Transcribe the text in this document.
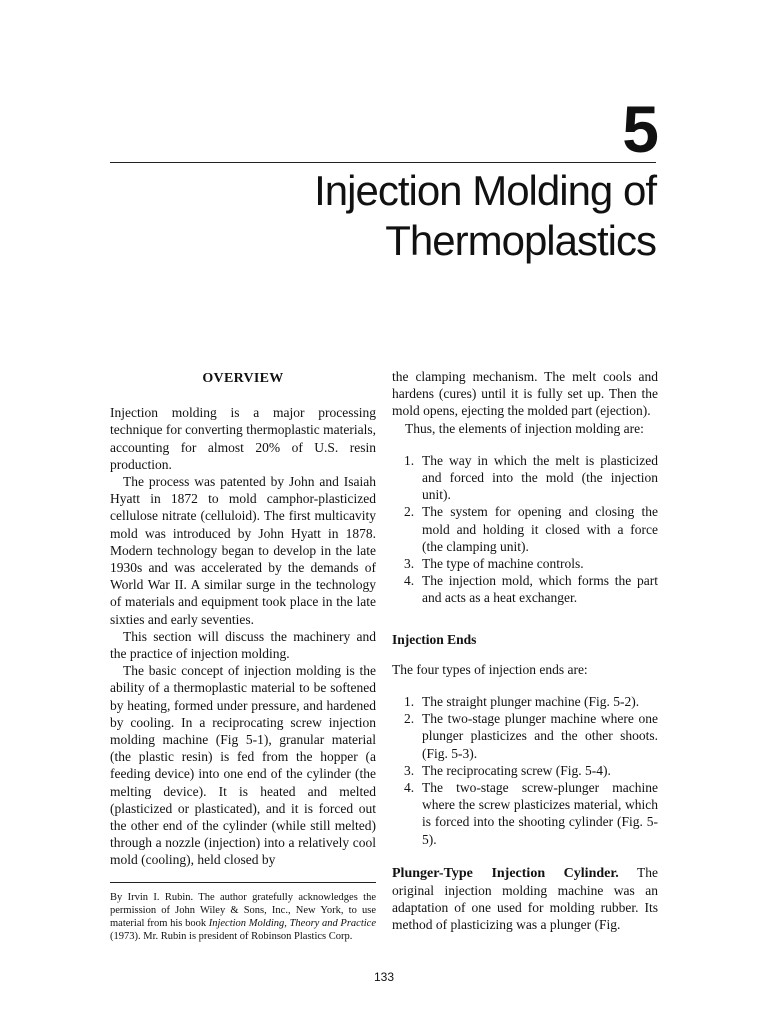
5
Injection Molding of
Thermoplastics
OVERVIEW

Injection molding is a major processing technique for converting thermoplastic materials, accounting for almost 20% of U.S. resin production.

The process was patented by John and Isaiah Hyatt in 1872 to mold camphor-plasticized cellulose nitrate (celluloid). The first multicavity mold was introduced by John Hyatt in 1878. Modern technology began to develop in the late 1930s and was accelerated by the demands of World War II. A similar surge in the technology of materials and equipment took place in the late sixties and early seventies.

This section will discuss the machinery and the practice of injection molding.

The basic concept of injection molding is the ability of a thermoplastic material to be softened by heating, formed under pressure, and hardened by cooling. In a reciprocating screw injection molding machine (Fig 5-1), granular material (the plastic resin) is fed from the hopper (a feeding device) into one end of the cylinder (the melting device). It is heated and melted (plasticized or plasticated), and it is forced out the other end of the cylinder (while still melted) through a nozzle (injection) into a relatively cool mold (cooling), held closed by

the clamping mechanism. The melt cools and hardens (cures) until it is fully set up. Then the mold opens, ejecting the molded part (ejection).

Thus, the elements of injection molding are:

1. The way in which the melt is plasticized and forced into the mold (the injection unit).
2. The system for opening and closing the mold and holding it closed with a force (the clamping unit).
3. The type of machine controls.
4. The injection mold, which forms the part and acts as a heat exchanger.
Injection Ends

The four types of injection ends are:

1. The straight plunger machine (Fig. 5-2).
2. The two-stage plunger machine where one plunger plasticizes and the other shoots. (Fig. 5-3).
3. The reciprocating screw (Fig. 5-4).
4. The two-stage screw-plunger machine where the screw plasticizes material, which is forced into the shooting cylinder (Fig. 5-5).

Plunger-Type Injection Cylinder. The original injection molding machine was an adaptation of one used for molding rubber. Its method of plasticizing was a plunger (Fig.

By Irvin I. Rubin. The author gratefully acknowledges the permission of John Wiley & Sons, Inc., New York, to use material from his book Injection Molding, Theory and Practice (1973). Mr. Rubin is president of Robinson Plastics Corp.
133
